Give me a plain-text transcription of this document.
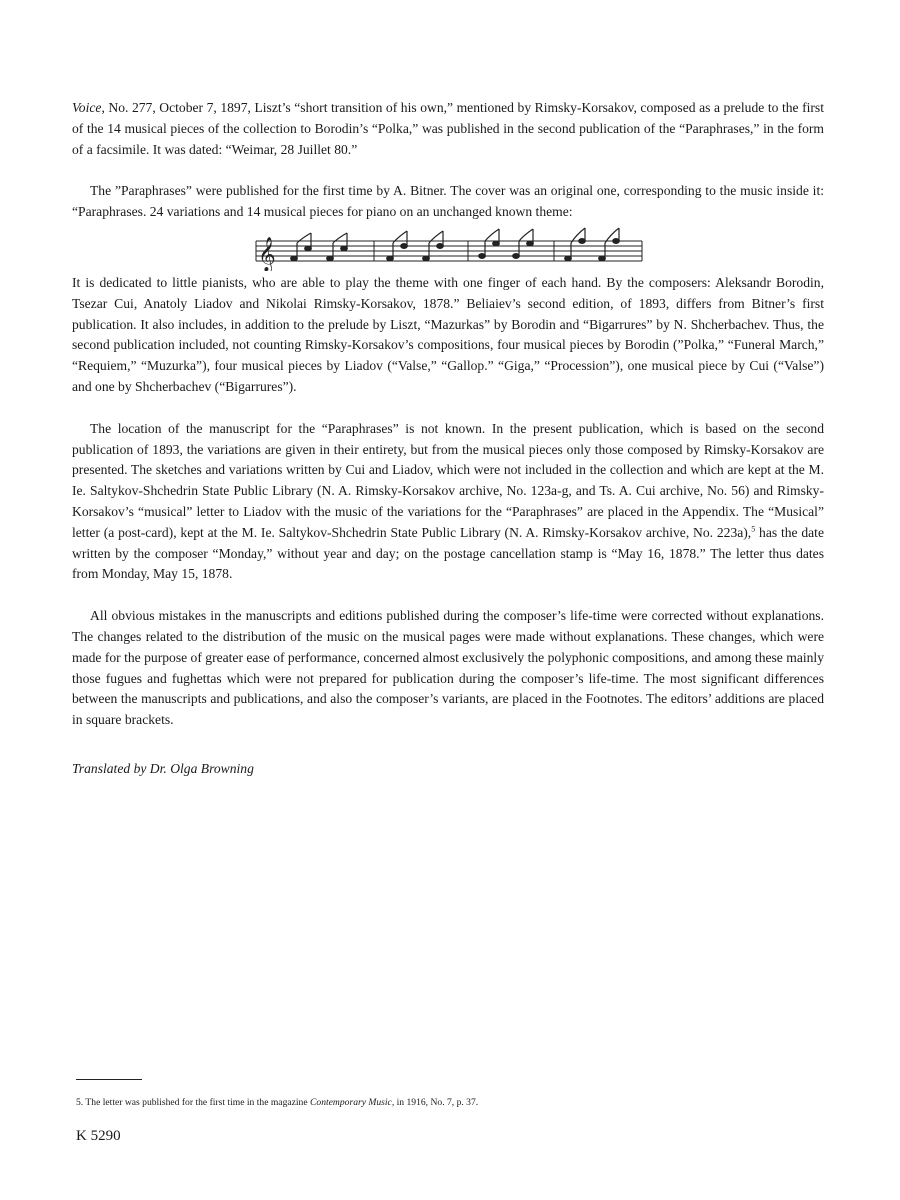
Voice, No. 277, October 7, 1897, Liszt’s “short transition of his own,” mentioned by Rimsky-Korsakov, composed as a prelude to the first of the 14 musical pieces of the collection to Borodin’s “Polka,” was published in the second publication of the “Paraphrases,” in the form of a facsimile. It was dated: “Weimar, 28 Juillet 80.”

The ”Paraphrases” were published for the first time by A. Bitner. The cover was an original one, corresponding to the music inside it: “Paraphrases. 24 variations and 14 musical pieces for piano on an unchanged known theme:

𝄞

It is dedicated to little pianists, who are able to play the theme with one finger of each hand. By the composers: Aleksandr Borodin, Tsezar Cui, Anatoly Liadov and Nikolai Rimsky-Korsakov, 1878.” Beliaiev’s second edition, of 1893, differs from Bitner’s first publication. It also includes, in addition to the prelude by Liszt, “Mazurkas” by Borodin and “Bigarrures” by N. Shcherbachev. Thus, the second publication included, not counting Rimsky-Korsakov’s compositions, four musical pieces by Borodin (”Polka,” “Funeral March,” “Requiem,” “Muzurka”), four musical pieces by Liadov (“Valse,” “Gallop.” “Giga,” “Procession”), one musical piece by Cui (“Valse”) and one by Shcherbachev (“Bigarrures”).

The location of the manuscript for the “Paraphrases” is not known. In the present publication, which is based on the second publication of 1893, the variations are given in their entirety, but from the musical pieces only those composed by Rimsky-Korsakov are presented. The sketches and variations written by Cui and Liadov, which were not included in the collection and which are kept at the M. Ie. Saltykov-Shchedrin State Public Library (N. A. Rimsky-Korsakov archive, No. 123a-g, and Ts. A. Cui archive, No. 56) and Rimsky-Korsakov’s “musical” letter to Liadov with the music of the variations for the “Paraphrases” are placed in the Appendix. The “Musical” letter (a post-card), kept at the M. Ie. Saltykov-Shchedrin State Public Library (N. A. Rimsky-Korsakov archive, No. 223a),$^5$ has the date written by the composer “Monday,” without year and day; on the postage cancellation stamp is “May 16, 1878.” The letter thus dates from Monday, May 15, 1878.

All obvious mistakes in the manuscripts and editions published during the composer’s life-time were corrected without explanations. The changes related to the distribution of the music on the musical pages were made without explanations. These changes, which were made for the purpose of greater ease of performance, concerned almost exclusively the polyphonic compositions, and among these mainly those fugues and fughettas which were not prepared for publication during the composer’s life-time. The most significant differences between the manuscripts and publications, and also the composer’s variants, are placed in the Footnotes. The editors’ additions are placed in square brackets.

Translated by Dr. Olga Browning
5. The letter was published for the first time in the magazine Contemporary Music, in 1916, No. 7, p. 37.
K 5290
